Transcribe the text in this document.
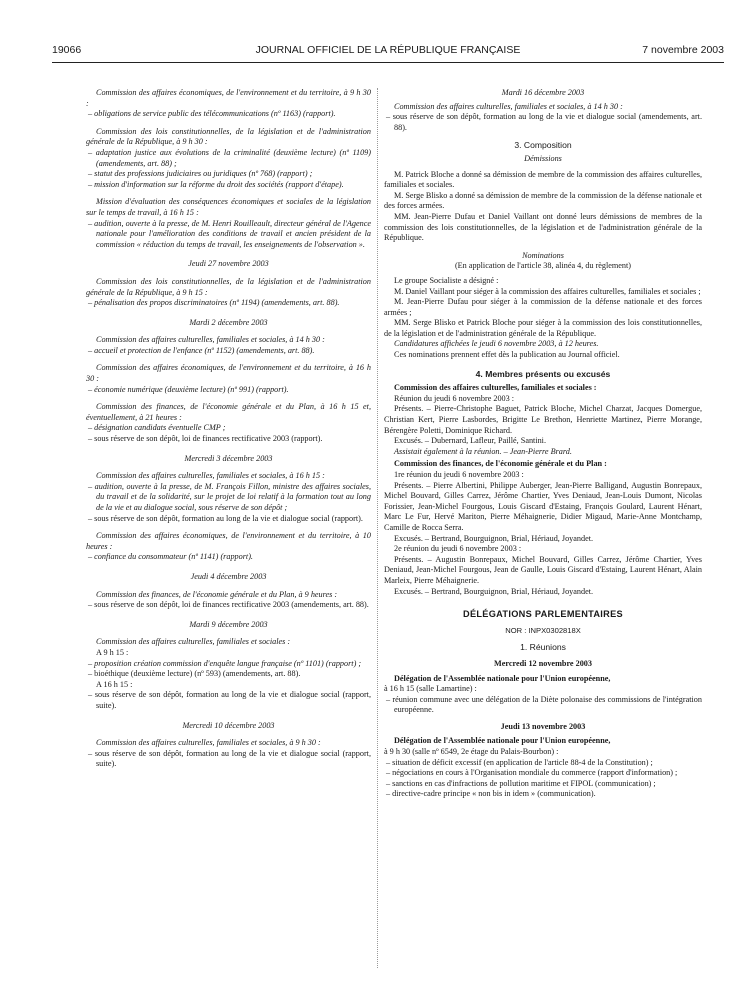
19066	JOURNAL OFFICIEL DE LA RÉPUBLIQUE FRANÇAISE	7 novembre 2003
Commission des affaires économiques, de l'environnement et du territoire, à 9 h 30 :
– obligations de service public des télécommunications (nº 1163) (rapport).
Commission des lois constitutionnelles, de la législation et de l'administration générale de la République, à 9 h 30 :
– adaptation justice aux évolutions de la criminalité (deuxième lecture) (nº 1109) (amendements, art. 88) ;
– statut des professions judiciaires ou juridiques (nº 768) (rapport) ;
– mission d'information sur la réforme du droit des sociétés (rapport d'étape).
Mission d'évaluation des conséquences économiques et sociales de la législation sur le temps de travail, à 16 h 15 :
– audition, ouverte à la presse, de M. Henri Rouilleault, directeur général de l'Agence nationale pour l'amélioration des conditions de travail et ancien président de la commission « réduction du temps de travail, les enseignements de l'observation ».
Jeudi 27 novembre 2003
Commission des lois constitutionnelles, de la législation et de l'administration générale de la République, à 9 h 15 :
– pénalisation des propos discriminatoires (nº 1194) (amendements, art. 88).
Mardi 2 décembre 2003
Commission des affaires culturelles, familiales et sociales, à 14 h 30 :
– accueil et protection de l'enfance (nº 1152) (amendements, art. 88).
Commission des affaires économiques, de l'environnement et du territoire, à 16 h 30 :
– économie numérique (deuxième lecture) (nº 991) (rapport).
Commission des finances, de l'économie générale et du Plan, à 16 h 15 et, éventuellement, à 21 heures :
– désignation candidats éventuelle CMP ;
– sous réserve de son dépôt, loi de finances rectificative 2003 (rapport).
Mercredi 3 décembre 2003
Commission des affaires culturelles, familiales et sociales, à 16 h 15 :
– audition, ouverte à la presse, de M. François Fillon, ministre des affaires sociales, du travail et de la solidarité, sur le projet de loi relatif à la formation tout au long de la vie et au dialogue social, sous réserve de son dépôt ;
– sous réserve de son dépôt, formation au long de la vie et dialogue social (rapport).
Commission des affaires économiques, de l'environnement et du territoire, à 10 heures :
– confiance du consommateur (nº 1141) (rapport).
Jeudi 4 décembre 2003
Commission des finances, de l'économie générale et du Plan, à 9 heures :
– sous réserve de son dépôt, loi de finances rectificative 2003 (amendements, art. 88).
Mardi 9 décembre 2003
Commission des affaires culturelles, familiales et sociales :
A 9 h 15 :
– proposition création commission d'enquête langue française (nº 1101) (rapport) ;
– bioéthique (deuxième lecture) (nº 593) (amendements, art. 88).
A 16 h 15 :
– sous réserve de son dépôt, formation au long de la vie et dialogue social (rapport, suite).
Mercredi 10 décembre 2003
Commission des affaires culturelles, familiales et sociales, à 9 h 30 :
– sous réserve de son dépôt, formation au long de la vie et dialogue social (rapport, suite).
Mardi 16 décembre 2003
Commission des affaires culturelles, familiales et sociales, à 14 h 30 :
– sous réserve de son dépôt, formation au long de la vie et dialogue social (amendements, art. 88).
3. Composition
Démissions
M. Patrick Bloche a donné sa démission de membre de la commission des affaires culturelles, familiales et sociales.
M. Serge Blisko a donné sa démission de membre de la commission de la défense nationale et des forces armées.
MM. Jean-Pierre Dufau et Daniel Vaillant ont donné leurs démissions de membres de la commission des lois constitutionnelles, de la législation et de l'administration générale de la République.
Nominations
(En application de l'article 38, alinéa 4, du règlement)
Le groupe Socialiste a désigné :
M. Daniel Vaillant pour siéger à la commission des affaires culturelles, familiales et sociales ;
M. Jean-Pierre Dufau pour siéger à la commission de la défense nationale et des forces armées ;
MM. Serge Blisko et Patrick Bloche pour siéger à la commission des lois constitutionnelles, de la législation et de l'administration générale de la République.
Candidatures affichées le jeudi 6 novembre 2003, à 12 heures.
Ces nominations prennent effet dès la publication au Journal officiel.
4. Membres présents ou excusés
Commission des affaires culturelles, familiales et sociales :
Réunion du jeudi 6 novembre 2003 :
Présents. – Pierre-Christophe Baguet, Patrick Bloche, Michel Charzat, Jacques Domergue, Christian Kert, Pierre Lasbordes, Brigitte Le Brethon, Henriette Martinez, Pierre Morange, Bérengère Poletti, Dominique Richard.
Excusés. – Dubernard, Lafleur, Paillé, Santini.
Assistait également à la réunion. – Jean-Pierre Brard.
Commission des finances, de l'économie générale et du Plan :
1re réunion du jeudi 6 novembre 2003 :
Présents. – Pierre Albertini, Philippe Auberger, Jean-Pierre Balligand, Augustin Bonrepaux, Michel Bouvard, Gilles Carrez, Jérôme Chartier, Yves Deniaud, Jean-Louis Dumont, Nicolas Forissier, Jean-Michel Fourgous, Louis Giscard d'Estaing, François Goulard, Laurent Hénart, Marc Le Fur, Hervé Mariton, Pierre Méhaignerie, Didier Migaud, Marie-Anne Montchamp, Camille de Rocca Serra.
Excusés. – Bertrand, Bourguignon, Brial, Hériaud, Joyandet.
2e réunion du jeudi 6 novembre 2003 :
Présents. – Augustin Bonrepaux, Michel Bouvard, Gilles Carrez, Jérôme Chartier, Yves Deniaud, Jean-Michel Fourgous, Jean de Gaulle, Louis Giscard d'Estaing, Laurent Hénart, Alain Marleix, Pierre Méhaignerie.
Excusés. – Bertrand, Bourguignon, Brial, Hériaud, Joyandet.
DÉLÉGATIONS PARLEMENTAIRES
NOR : INPX0302818X
1. Réunions
Mercredi 12 novembre 2003
Délégation de l'Assemblée nationale pour l'Union européenne,
à 16 h 15 (salle Lamartine) :
– réunion commune avec une délégation de la Diète polonaise des commissions de l'intégration européenne.
Jeudi 13 novembre 2003
Délégation de l'Assemblée nationale pour l'Union européenne,
à 9 h 30 (salle nº 6549, 2e étage du Palais-Bourbon) :
– situation de déficit excessif (en application de l'article 88-4 de la Constitution) ;
– négociations en cours à l'Organisation mondiale du commerce (rapport d'information) ;
– sanctions en cas d'infractions de pollution maritime et FIPOL (communication) ;
– directive-cadre principe « non bis in idem » (communication).
